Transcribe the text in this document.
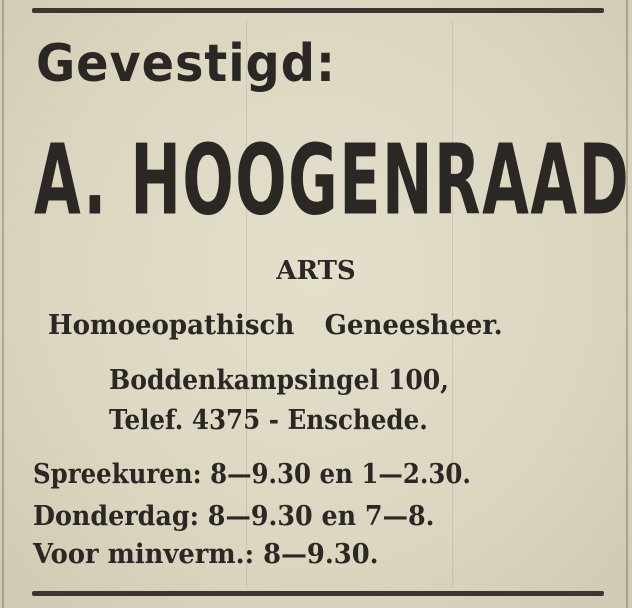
Gevestigd:
A. HOOGENRAAD
ARTS
Homoeopathisch Geneesheer.
Boddenkampsingel 100,
Telef. 4375 - Enschede.
Spreekuren: 8—9.30 en 1—2.30.
Donderdag: 8—9.30 en 7—8.
Voor minverm.: 8—9.30.
